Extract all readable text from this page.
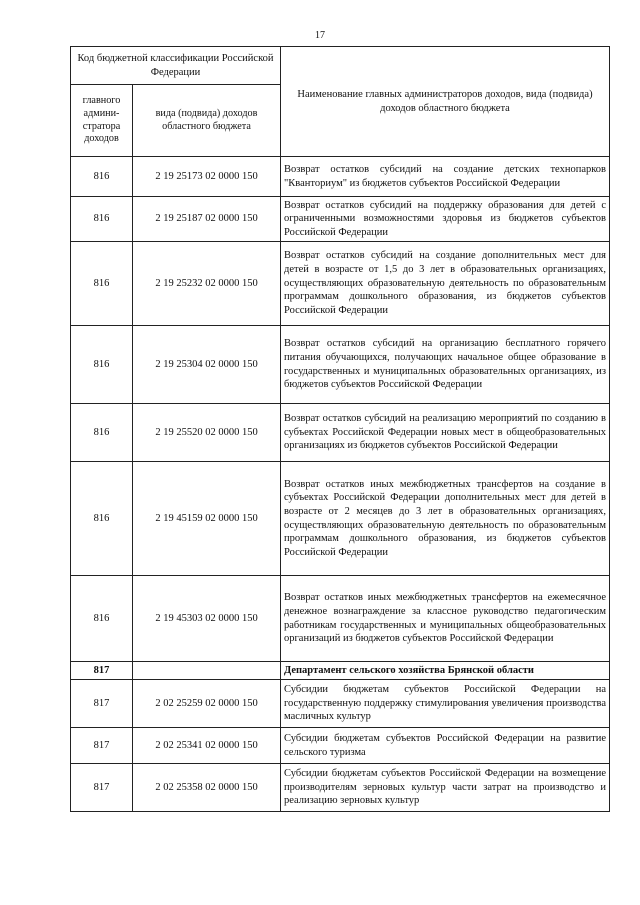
17
Код бюджетной классификации Российской Федерации		Наименование главных администраторов доходов, вида (подвида) доходов областного бюджета
главного админи-стратора доходов	вида (подвида) доходов областного бюджета	
816	2 19 25173 02 0000 150	Возврат остатков субсидий на создание детских технопарков "Кванториум" из бюджетов субъектов Российской Федерации
816	2 19 25187 02 0000 150	Возврат остатков субсидий на поддержку образования для детей с ограниченными возможностями здоровья из бюджетов субъектов Российской Федерации
816	2 19 25232 02 0000 150	Возврат остатков субсидий на создание дополнительных мест для детей в возрасте от 1,5 до 3 лет в образовательных организациях, осуществляющих образовательную деятельность по образовательным программам дошкольного образования, из бюджетов субъектов Российской Федерации
816	2 19 25304 02 0000 150	Возврат остатков субсидий на организацию бесплатного горячего питания обучающихся, получающих начальное общее образование в государственных и муниципальных образовательных организациях, из бюджетов субъектов Российской Федерации
816	2 19 25520 02 0000 150	Возврат остатков субсидий на реализацию мероприятий по созданию в субъектах Российской Федерации новых мест в общеобразовательных организациях из бюджетов субъектов Российской Федерации
816	2 19 45159 02 0000 150	Возврат остатков иных межбюджетных трансфертов на создание в субъектах Российской Федерации дополнительных мест для детей в возрасте от 2 месяцев до 3 лет в образовательных организациях, осуществляющих образовательную деятельность по образовательным программам дошкольного образования, из бюджетов субъектов Российской Федерации
816	2 19 45303 02 0000 150	Возврат остатков иных межбюджетных трансфертов на ежемесячное денежное вознаграждение за классное руководство педагогическим работникам государственных и муниципальных общеобразовательных организаций из бюджетов субъектов Российской Федерации
817		Департамент сельского хозяйства Брянской области
817	2 02 25259 02 0000 150	Субсидии бюджетам субъектов Российской Федерации на государственную поддержку стимулирования увеличения производства масличных культур
817	2 02 25341 02 0000 150	Субсидии бюджетам субъектов Российской Федерации на развитие сельского туризма
817	2 02 25358 02 0000 150	Субсидии бюджетам субъектов Российской Федерации на возмещение производителям зерновых культур части затрат на производство и реализацию зерновых культур
